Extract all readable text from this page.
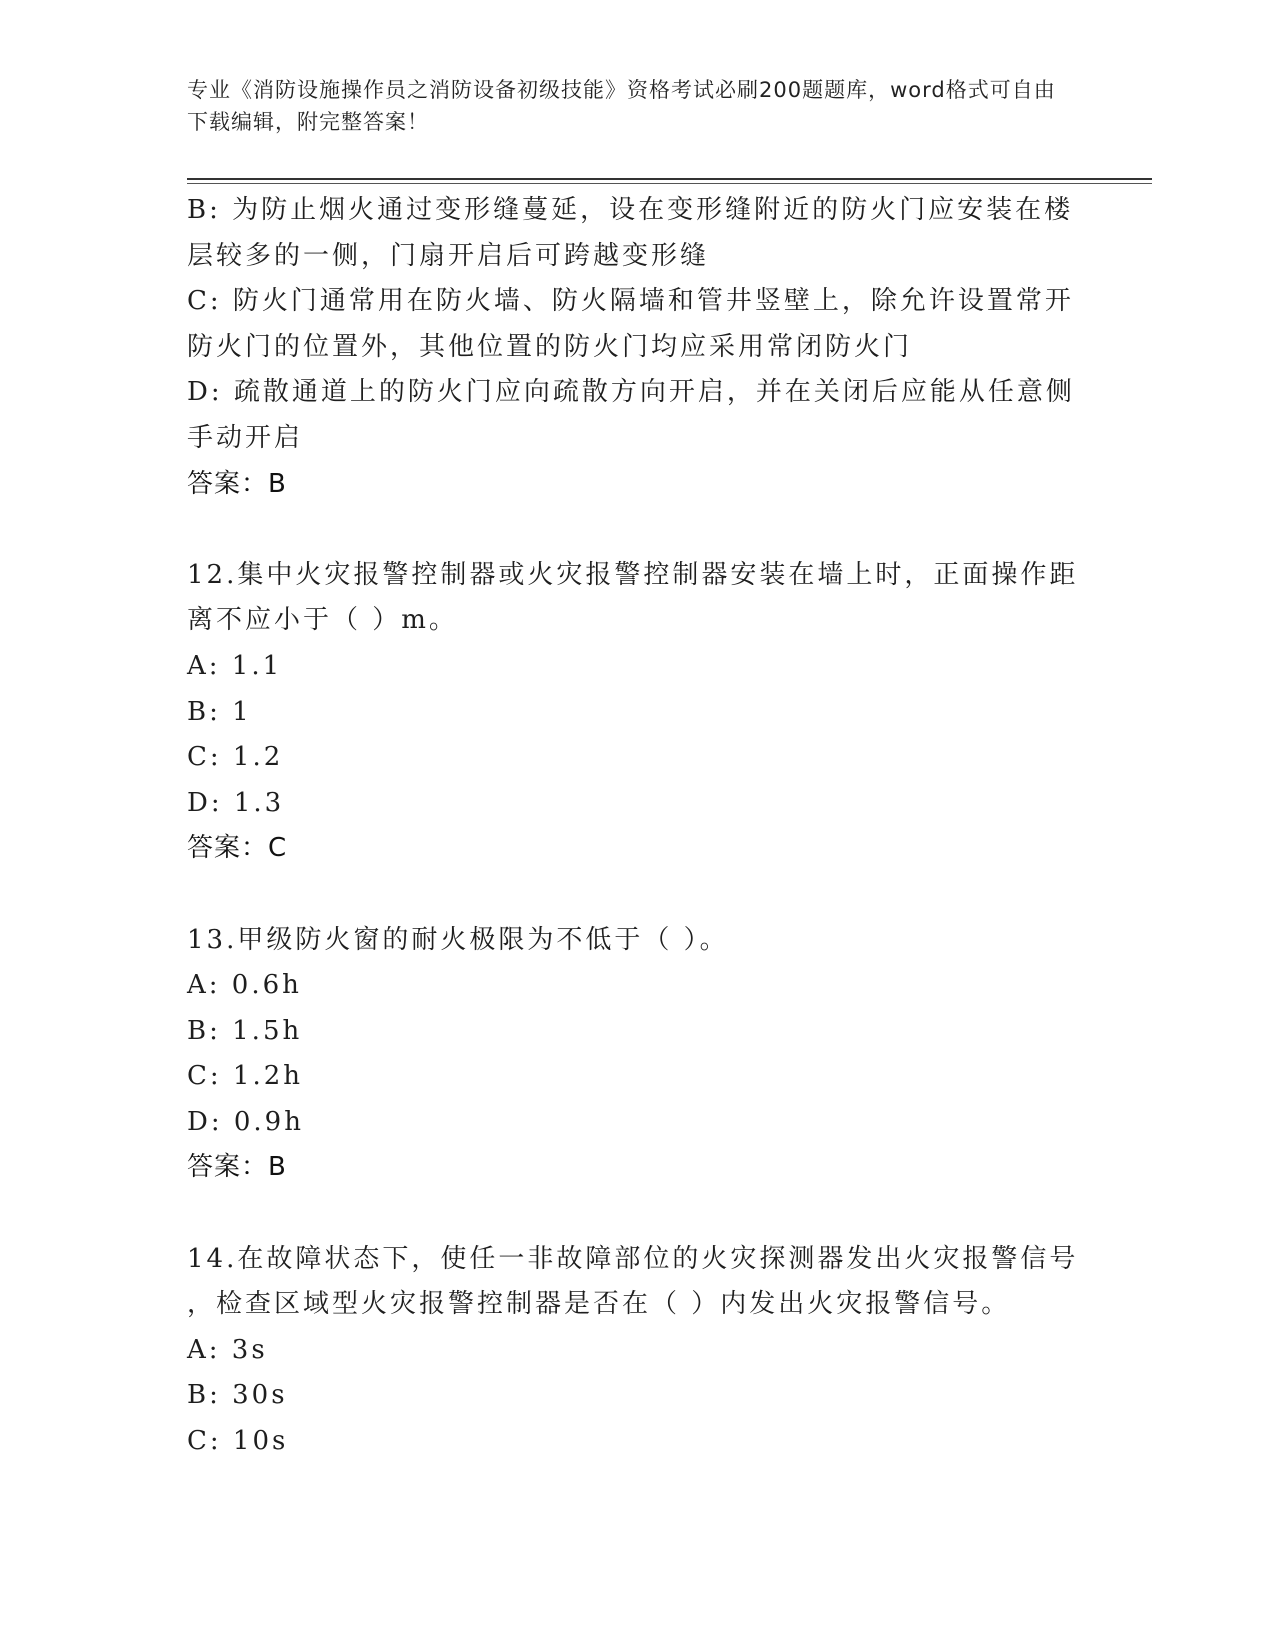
专业《消防设施操作员之消防设备初级技能》资格考试必刷200题题库，word格式可自由下载编辑，附完整答案！
B: 为防止烟火通过变形缝蔓延，设在变形缝附近的防火门应安装在楼
层较多的一侧，门扇开启后可跨越变形缝
C: 防火门通常用在防火墙、防火隔墙和管井竖壁上，除允许设置常开
防火门的位置外，其他位置的防火门均应采用常闭防火门
D: 疏散通道上的防火门应向疏散方向开启，并在关闭后应能从任意侧
手动开启
答案：B
12.集中火灾报警控制器或火灾报警控制器安装在墙上时，正面操作距
离不应小于（ ）m。
A: 1.1
B: 1
C: 1.2
D: 1.3
答案：C
13.甲级防火窗的耐火极限为不低于（ ）。
A: 0.6h
B: 1.5h
C: 1.2h
D: 0.9h
答案：B
14.在故障状态下，使任一非故障部位的火灾探测器发出火灾报警信号
，检查区域型火灾报警控制器是否在（ ）内发出火灾报警信号。
A: 3s
B: 30s
C: 10s
